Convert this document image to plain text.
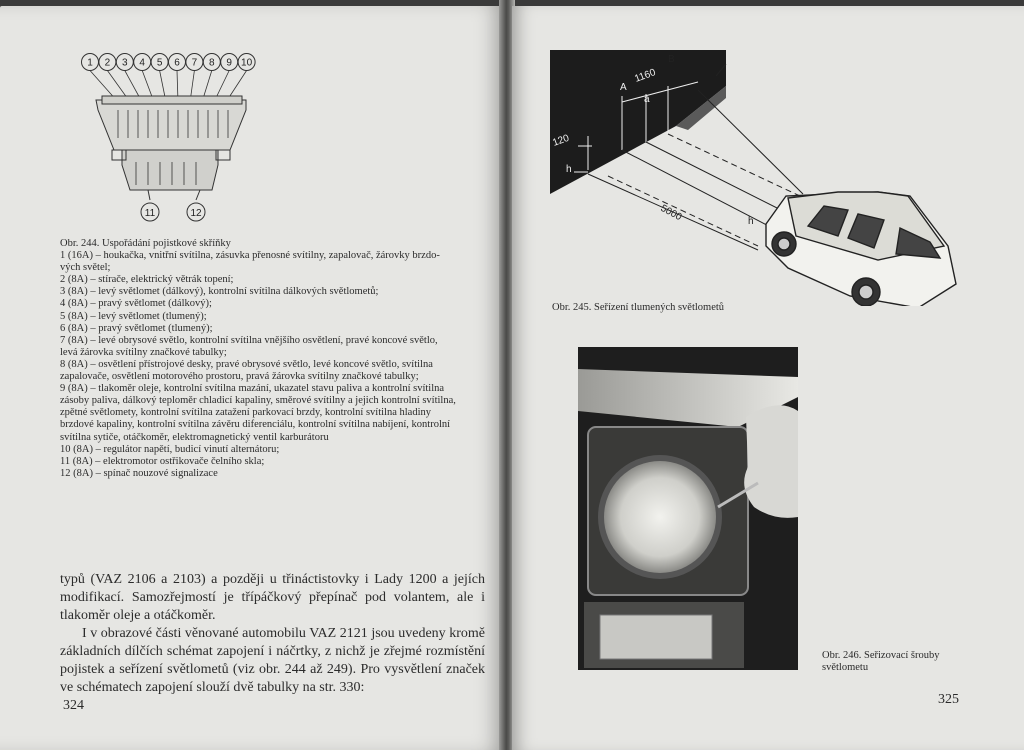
11	12
1 2 3 4 5 6 7 8 9 10
Obr. 244. Uspořádání pojistkové skříňky
1 (16A) – houkačka, vnitřní svítilna, zásuvka přenosné svítilny, zapalovač, žárovky brzdo-
vých světel;
2 (8A) – stírače, elektrický větrák topení;
3 (8A) – levý světlomet (dálkový), kontrolní svítilna dálkových světlometů;
4 (8A) – pravý světlomet (dálkový);
5 (8A) – levý světlomet (tlumený);
6 (8A) – pravý světlomet (tlumený);
7 (8A) – levé obrysové světlo, kontrolní svítilna vnějšího osvětlení, pravé koncové světlo,
levá žárovka svítilny značkové tabulky;
8 (8A) – osvětlení přístrojové desky, pravé obrysové světlo, levé koncové světlo, svítilna
zapalovače, osvětlení motorového prostoru, pravá žárovka svítilny značkové tabulky;
9 (8A) – tlakoměr oleje, kontrolní svítilna mazání, ukazatel stavu paliva a kontrolní svítilna
zásoby paliva, dálkový teploměr chladicí kapaliny, směrové svítilny a jejich kontrolní svítilna,
zpětné světlomety, kontrolní svítilna zatažení parkovací brzdy, kontrolní svítilna hladiny
brzdové kapaliny, kontrolní svítilna závěru diferenciálu, kontrolní svítilna nabíjení, kontrolní
svítilna sytiče, otáčkoměr, elektromagnetický ventil karburátoru
10 (8A) – regulátor napětí, budicí vinutí alternátoru;
11 (8A) – elektromotor ostřikovače čelního skla;
12 (8A) – spínač nouzové signalizace

typů (VAZ 2106 a 2103) a později u třináctistovky i Lady 1200 a jejích modifikací. Samozřejmostí je třípáčkový přepínač pod volantem, ale i tlakoměr oleje a otáčkoměr.

I v obrazové části věnované automobilu VAZ 2121 jsou uvedeny kromě základních dílčích schémat zapojení i náčrtky, z nichž je zřejmé rozmístění pojistek a seřízení světlometů (viz obr. 244 až 249). Pro vysvětlení značek ve schématech zapojení slouží dvě tabulky na str. 330:

324
A
a
B
1160
120
h
5000	h
Obr. 245. Seřízení tlumených světlometů
Obr. 246. Seřizovací šrouby světlometu
325
